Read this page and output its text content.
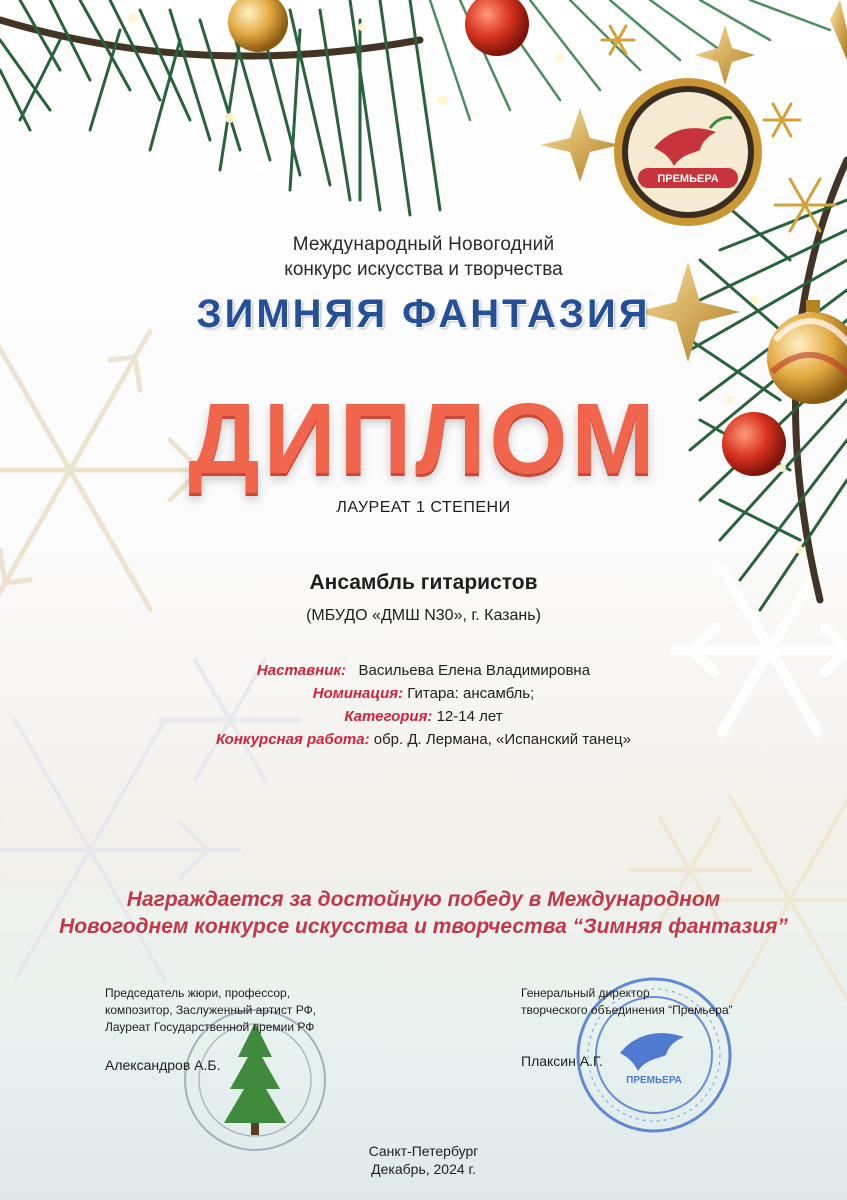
ПРЕМЬЕРА
Международный Новогодний
конкурс искусства и творчества
ЗИМНЯЯ ФАНТАЗИЯ
ДИПЛОМ
ЛАУРЕАТ 1 СТЕПЕНИ
Ансамбль гитаристов
(МБУДО «ДМШ N30», г. Казань)
Наставник: Васильева Елена Владимировна
Номинация: Гитара: ансамбль;
Категория: 12-14 лет
Конкурсная работа: обр. Д. Лермана, «Испанский танец»
Награждается за достойную победу в Международном
Новогоднем конкурсе искусства и творчества “Зимняя фантазия”
ПРЕМЬЕРА
Председатель жюри, профессор,
композитор, Заслуженный артист РФ,
Лауреат Государственной премии РФ
Александров А.Б.
Генеральный директор
творческого объединения “Премьера”
Плаксин А.Г.
Санкт-Петербург
Декабрь, 2024 г.
